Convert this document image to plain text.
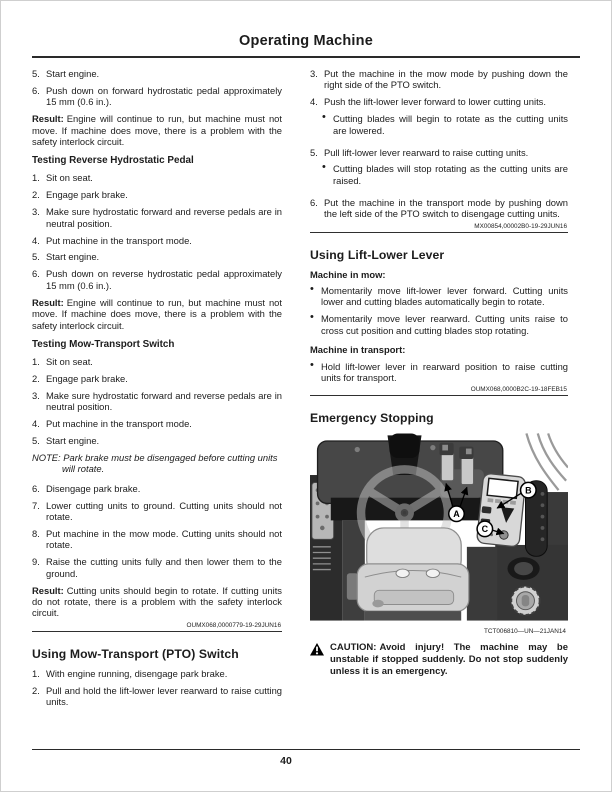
Operating Machine
5. Start engine.
6. Push down on forward hydrostatic pedal approximately 15 mm (0.6 in.).

Result: Engine will continue to run, but machine must not move. If machine does move, there is a problem with the safety interlock circuit.

Testing Reverse Hydrostatic Pedal
1. Sit on seat.
2. Engage park brake.
3. Make sure hydrostatic forward and reverse pedals are in neutral position.
4. Put machine in the transport mode.
5. Start engine.
6. Push down on reverse hydrostatic pedal approximately 15 mm (0.6 in.).

Result: Engine will continue to run, but machine must not move. If machine does move, there is a problem with the safety interlock circuit.

Testing Mow-Transport Switch
1. Sit on seat.
2. Engage park brake.
3. Make sure hydrostatic forward and reverse pedals are in neutral position.
4. Put machine in the transport mode.
5. Start engine.

NOTE: Park brake must be disengaged before cutting units will rotate.

6. Disengage park brake.
7. Lower cutting units to ground. Cutting units should not rotate.
8. Put machine in the mow mode. Cutting units should not rotate.
9. Raise the cutting units fully and then lower them to the ground.

Result: Cutting units should begin to rotate. If cutting units do not rotate, there is a problem with the safety interlock circuit.

OUMX068,0000779-19-29JUN16
Using Mow-Transport (PTO) Switch
1. With engine running, disengage park brake.
2. Pull and hold the lift-lower lever rearward to raise cutting units.
3. Put the machine in the mow mode by pushing down the right side of the PTO switch.
4. Push the lift-lower lever forward to lower cutting units.
• Cutting blades will begin to rotate as the cutting units are lowered.
5. Pull lift-lower lever rearward to raise cutting units.
• Cutting blades will stop rotating as the cutting units are raised.
6. Put the machine in the transport mode by pushing down the left side of the PTO switch to disengage cutting units.
MX00854,00002B0-19-29JUN16
Using Lift-Lower Lever
Machine in mow:
• Momentarily move lift-lower lever forward. Cutting units lower and cutting blades automatically begin to rotate.
• Momentarily move lever rearward. Cutting units raise to cross cut position and cutting blades stop rotating.
Machine in transport:
• Hold lift-lower lever in rearward position to raise cutting units for transport.
OUMX068,0000B2C-19-18FEB15
Emergency Stopping
A
B
C
TCT006810—UN—21JAN14

CAUTION: Avoid injury! The machine may be unstable if stopped suddenly. Do not stop suddenly unless it is an emergency.

40
